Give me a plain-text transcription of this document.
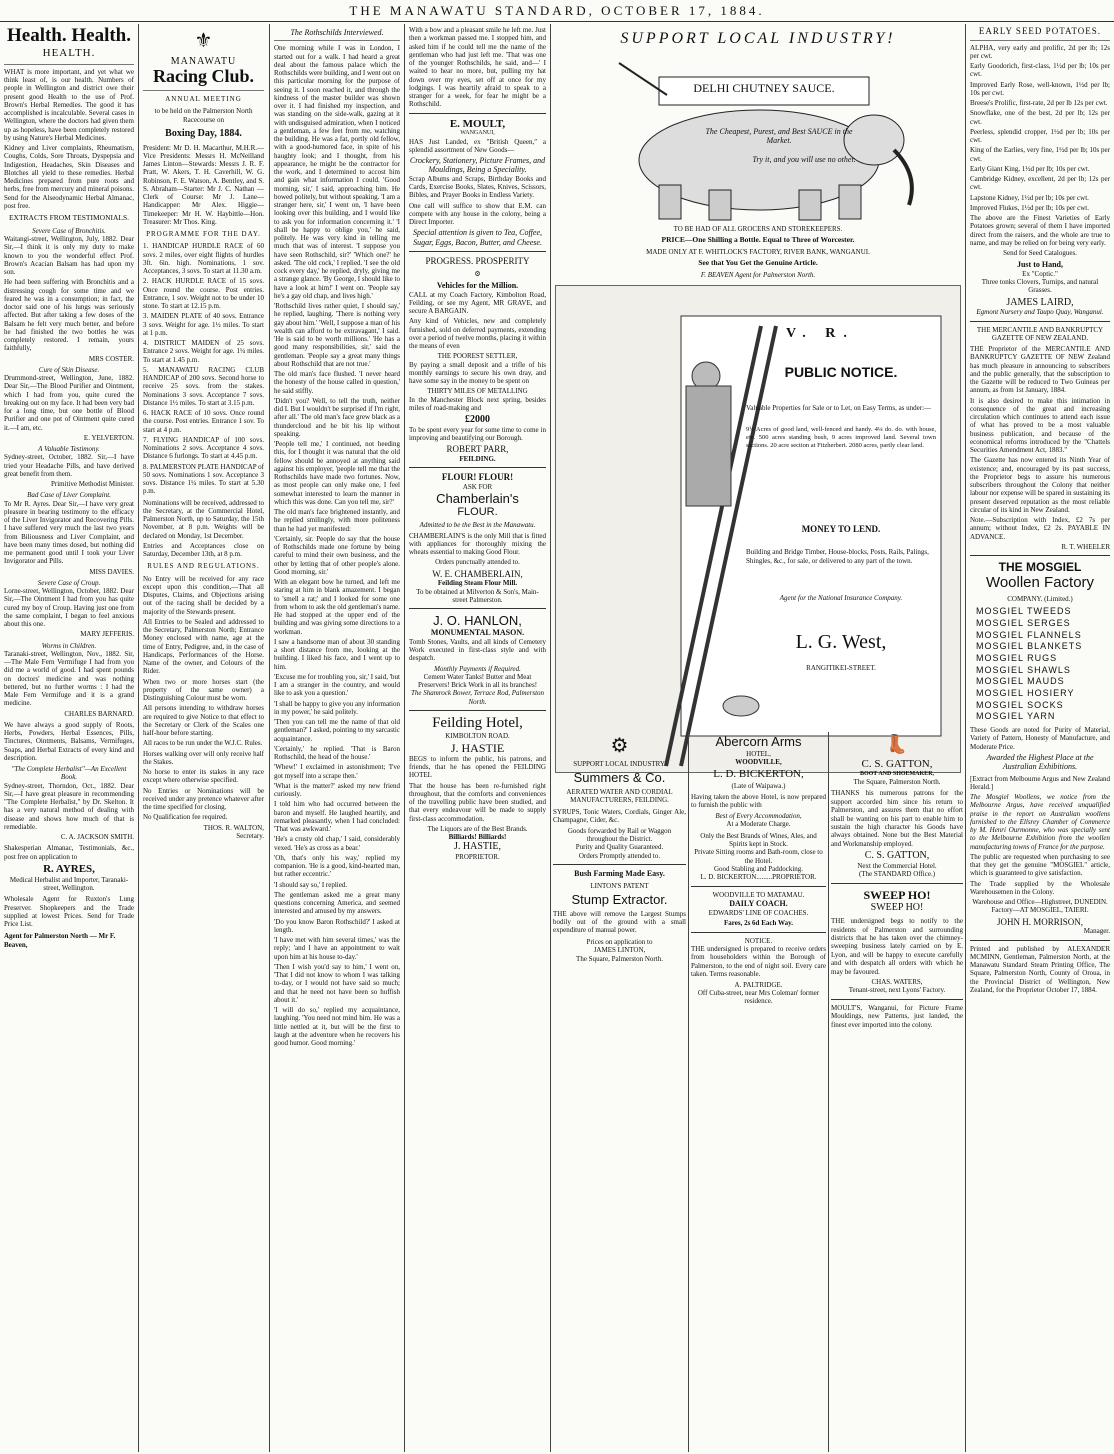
THE MANAWATU STANDARD, OCTOBER 17, 1884.
Health. Health.
HEALTH.

WHAT is more important, and yet what we think least of, is our health. Numbers of people in Wellington and district owe their present good Health to the use of Prof. Brown's Herbal Remedies. The good it has accomplished is incalculable. Several cases in Wellington, where the doctors had given them up as hopeless, have been completely restored by using Nature's Herbal Medicines.

Kidney and Liver complaints, Rheumatism, Coughs, Colds, Sore Throats, Dyspepsia and Indigestion, Headaches, Skin Diseases and Blotches all yield to these remedies. Herbal Medicines prepared from pure roots and herbs, free from mercury and mineral poisons. Send for the Alseodynamic Herbal Almanac, post free.

EXTRACTS FROM TESTIMONIALS.
Severe Case of Bronchitis.

Waitangi-street, Wellington, July, 1882. Dear Sir,—I think it is only my duty to make known to you the wonderful effect Prof. Brown's Acacian Balsam has had upon my son.

He had been suffering with Bronchitis and a distressing cough for some time and we feared he was in a consumption; in fact, the doctor said one of his lungs was seriously affected. But after taking a few doses of the Balsam he felt very much better, and before he had finished the two bottles he was completely restored. I remain, yours faithfully,

MRS COSTER.
Cure of Skin Disease.

Drummond-street, Wellington, June, 1882. Dear Sir,—The Blood Purifier and Ointment, which I had from you, quite cured the breaking out on my face. It had been very bad for a long time, but one bottle of Blood Purifier and one pot of Ointment quite cured it.—I am, etc.

E. YELVERTON.
A Valuable Testimony.

Sydney-street, October, 1882. Sir,—I have tried your Headache Pills, and have derived great benefit from them.

Primitive Methodist Minister.
Bad Case of Liver Complaint.

To Mr R. Ayres. Dear Sir,—I have very great pleasure in bearing testimony to the efficacy of the Liver Invigorator and Recovering Pills. I have suffered very much the last two years from Biliousness and Liver Complaint, and have been many times dosed, but nothing did me permanent good until I took your Liver Invigorator and Pills.

MISS DAVIES.
Severe Case of Croup.

Lorne-street, Wellington, October, 1882. Dear Sir,—The Ointment I had from you has quite cured my boy of Croup. Having just one from the same complaint, I began to feel anxious about this one.

MARY JEFFERIS.
Worms in Children.

Taranaki-street, Wellington, Nov., 1882. Sir,—The Male Fern Vermifuge I had from you did me a world of good. I had spent pounds on doctors' medicine and was nothing bettered, but no further worms : I had the Male Fern Vermifuge and it is a grand medicine.

CHARLES BARNARD.

We have always a good supply of Roots, Herbs, Powders, Herbal Essences, Pills, Tinctures, Ointments, Balsams, Vermifuges, Soaps, and Herbal Extracts of every kind and description.

"The Complete Herbalist"—An Excellent Book.

Sydney-street, Thorndon, Oct., 1882. Dear Sir,—I have great pleasure in recommending "The Complete Herbalist," by Dr. Skelton. It has a very natural method of dealing with disease and shows how much of that is remediable.

C. A. JACKSON SMITH.

Shakesperian Almanac, Testimonials, &c., post free on application to

R. AYRES,
Medical Herbalist and Importer, Taranaki-street, Wellington.

Wholesale Agent for Ruxton's Lung Preserver. Shopkeepers and the Trade supplied at lowest Prices. Send for Trade Price List.

Agent for Palmerston North — Mr F. Beaven,
⚜
MANAWATU
Racing Club.
ANNUAL MEETING
to be held on the Palmerston North Racecourse on
Boxing Day, 1884.

President: Mr D. H. Macarthur, M.H.R.—Vice Presidents: Messrs H. McNeilland James Linton—Stewards: Messrs J. R. F. Pratt, W. Akers, T. H. Caverhill, W. G. Robinson, F. E. Watson, A. Bentley, and S. S. Abraham—Starter: Mr J. C. Nathan —Clerk of Course: Mr J. Lane— Handicapper: Mr Alex. Higgie—Timekeeper: Mr H. W. Haybittle—Hon. Treasurer: Mr Thos. King.

PROGRAMME FOR THE DAY.

1. HANDICAP HURDLE RACE of 60 sovs. 2 miles, over eight flights of hurdles 3ft. 6in. high. Nominations, 1 sov. Acceptances, 3 sovs. To start at 11.30 a.m.

2. HACK HURDLE RACE of 15 sovs. Once round the course. Post entries. Entrance, 1 sov. Weight not to be under 10 stone. To start at 12.15 p.m.

3. MAIDEN PLATE of 40 sovs. Entrance 3 sovs. Weight for age. 1½ miles. To start at 1 p.m.

4. DISTRICT MAIDEN of 25 sovs. Entrance 2 sovs. Weight for age. 1¼ miles. To start at 1.45 p.m.

5. MANAWATU RACING CLUB HANDICAP of 200 sovs. Second horse to receive 25 sovs. from the stakes. Nominations 3 sovs. Acceptance 7 sovs. Distance 1½ miles. To start at 3.15 p.m.

6. HACK RACE of 10 sovs. Once round the course. Post entries. Entrance 1 sov. To start at 4 p.m.

7. FLYING HANDICAP of 100 sovs. Nominations 2 sovs. Acceptance 4 sovs. Distance 6 furlongs. To start at 4.45 p.m.

8. PALMERSTON PLATE HANDICAP of 50 sovs. Nominations 1 sov. Acceptance 3 sovs. Distance 1¼ miles. To start at 5.30 p.m.

Nominations will be received, addressed to the Secretary, at the Commercial Hotel, Palmerston North, up to Saturday, the 15th November, at 8 p.m. Weights will be declared on Monday, 1st December.

Entries and Acceptances close on Saturday, December 13th, at 8 p.m.

RULES AND REGULATIONS.

No Entry will be received for any race except upon this condition,—That all Disputes, Claims, and Objections arising out of the racing shall be decided by a majority of the Stewards present.

All Entries to be Sealed and addressed to the Secretary, Palmerston North; Entrance Money enclosed with name, age at the time of Entry, Pedigree, and, in the case of Handicaps, Performances of the Horse. Name of the owner, and Colours of the Rider.

When two or more horses start (the property of the same owner) a Distinguishing Colour must be worn.

All persons intending to withdraw horses are required to give Notice to that effect to the Secretary or Clerk of the Scales one half-hour before starting.

All races to be run under the W.J.C. Rules.

Horses walking over will only receive half the Stakes.

No horse to enter its stakes in any race except where otherwise specified.

No Entries or Nominations will be received under any pretence whatever after the time specified for closing.

No Qualification fee required.

THOS. R. WALTON,
Secretary.
The Rothschilds Interviewed.

One morning while I was in London, I started out for a walk. I had heard a great deal about the famous palace which the Rothschilds were building, and I went out on this particular morning for the purpose of seeing it. I soon reached it, and through the kindness of the master builder was shown over it. I had finished my inspection, and was standing on the side-walk, gazing at it with undisguised admiration, when I noticed a gentleman, a few feet from me, watching the building. He was a fat, portly old fellow, with a good-humored face, in spite of his haughty look; and I thought, from his appearance, he might be the contractor for the work, and I determined to accost him and gain what information I could. 'Good morning, sir,' I said, approaching him. He bowed politely, but without speaking. 'I am a stranger here, sir,' I went on, 'I have been looking over this building, and I would like to ask you for information concerning it.' 'I shall be happy to oblige you,' he said, politely. He was very kind in telling me much that was of interest. 'I suppose you have seen Rothschild, sir?' 'Which one?' he asked. 'The old cock,' I replied. 'I see the old cock every day,' he replied, dryly, giving me a strange glance. 'By George, I should like to have a look at him!' I went on. 'People say he's a gay old chap, and lives high.'

'Rothschild lives rather quiet, I should say,' he replied, laughing. 'There is nothing very gay about him.' 'Well, I suppose a man of his wealth can afford to be extravagant,' I said. 'He is said to be worth millions.' 'He has a good many responsibilities, sir,' said the gentleman. 'People say a great many things about Rothschild that are not true.'

The old man's face flushed. 'I never heard the honesty of the house called in question,' he said stiffly.

'Didn't you? Well, to tell the truth, neither did I. But I wouldn't be surprised if I'm right, after all.' The old man's face grew black as a thundercloud and he bit his lip without speaking.

'People tell me,' I continued, not heeding this, for I thought it was natural that the old fellow should be annoyed at anything said against his employer, 'people tell me that the Rothschilds have made two fortunes. Now, as most people can only make one, I feel somewhat interested to learn the manner in which this was done. Can you tell me, sir?'

The old man's face brightened instantly, and he replied smilingly, with more politeness than he had yet manifested:

'Certainly, sir. People do say that the house of Rothschilds made one fortune by being careful to mind their own business, and the other by letting that of other people's alone. Good morning, sir.'

With an elegant bow he turned, and left me staring at him in blank amazement. I began to 'smell a rat;' and I looked for some one from whom to ask the old gentleman's name. He had stopped at the upper end of the building and was giving some directions to a workman.

I saw a handsome man of about 30 standing a short distance from me, looking at the building. I liked his face, and I went up to him.

'Excuse me for troubling you, sir,' I said, 'but I am a stranger in the country, and would like to ask you a question.'

'I shall be happy to give you any information in my power,' he said politely.

'Then you can tell me the name of that old gentleman?' I asked, pointing to my sarcastic acquaintance.

'Certainly,' he replied. 'That is Baron Rothschild, the head of the house.'

'Whew!' I exclaimed in astonishment; 'I've got myself into a scrape then.'

'What is the matter?' asked my new friend curiously.

I told him who had occurred between the baron and myself. He laughed heartily, and remarked pleasantly, when I had concluded: 'That was awkward.'

'He's a crusty old chap,' I said, considerably vexed. 'He's as cross as a bear.'

'Oh, that's only his way,' replied my companion. 'He is a good, kind-hearted man, but rather eccentric.'

'I should say so,' I replied.

The gentleman asked me a great many questions concerning America, and seemed interested and amused by my answers.

'Do you know Baron Rothschild?' I asked at length.

'I have met with him several times,' was the reply; 'and I have an appointment to wait upon him at his house to-day.'

'Then I wish you'd say to him,' I went on, 'That I did not know to whom I was talking to-day, or I would not have said so much; and that he need not have been so huffish about it.'

'I will do so,' replied my acquaintance, laughing. 'You need not mind him. He was a little nettled at it, but will be the first to laugh at the adventure when he recovers his good humor. Good morning.'

With a bow and a pleasant smile he left me. Just then a workman passed me. I stopped him, and asked him if he could tell me the name of the gentleman who had just left me. 'That was one of the younger Rothschilds, he said, and—' I waited to hear no more, but, pulling my hat down over my eyes, set off at once for my lodgings. I was heartily afraid to speak to a stranger for a week, for fear he might be a Rothschild.

E. MOULT,
WANGANUI,

HAS Just Landed, ex "British Queen," a splendid assortment of New Goods—

Crockery, Stationery, Picture Frames, and Mouldings, Being a Speciality.

Scrap Albums and Scraps, Birthday Books and Cards, Exercise Books, Slates, Knives, Scissors, Bibles, and Prayer Books in Endless Variety.

One call will suffice to show that E.M. can compete with any house in the colony, being a Direct Importer.

Special attention is given to Tea, Coffee, Sugar, Eggs, Bacon, Butter, and Cheese.

PROGRESS. PROSPERITY
⚙
Vehicles for the Million.

CALL at my Coach Factory, Kimbolton Road, Feilding, or see my Agent, MR GRAVE, and secure A BARGAIN.

Any kind of Vehicles, new and completely furnished, sold on deferred payments, extending over a period of twelve months, placing it within the means of even

THE POOREST SETTLER,

By paying a small deposit and a trifle of his monthly earnings to secure his own dray, and have some say in the money to be spent on

THIRTY MILES OF METALLING

In the Manchester Block next spring, besides miles of road-making and

£2000

To be spent every year for some time to come in improving and beautifying our Borough.

ROBERT PARR,
FEILDING.
FLOUR! FLOUR!
ASK FOR
Chamberlain's
FLOUR.
Admitted to be the Best in the Manawatu.

CHAMBERLAIN'S is the only Mill that is fitted with appliances for thoroughly mixing the wheats essential to making Good Flour.

Orders punctually attended to.
W. E. CHAMBERLAIN,
Feilding Steam Flour Mill.
To be obtained at Milverton & Son's, Main-street Palmerston.
J. O. HANLON,
MONUMENTAL MASON.

Tomb Stones, Vaults, and all kinds of Cemetery Work executed in first-class style and with despatch.

Monthly Payments if Required.

Cement Water Tanks! Butter and Meat Preservers! Brick Work in all its branches!

The Shamrock Bower, Terrace Rod, Palmerston North.
Feilding Hotel,
KIMBOLTON ROAD.
J. HASTIE

BEGS to inform the public, his patrons, and friends, that he has opened the FEILDING HOTEL

That the house has been re-furnished right throughout, that the comforts and conveniences of the travelling public have been studied, and that every endeavour will be made to supply first-class accommodation.

The Liquors are of the Best Brands.
Billiards! Billiards!
J. HASTIE,
PROPRIETOR.
SUPPORT LOCAL INDUSTRY!
DELHI CHUTNEY SAUCE.
The Cheapest, Purest, and Best SAUCE in the Market.
Try it, and you will use no other.
TO BE HAD OF ALL GROCERS AND STOREKEEPERS.
PRICE—One Shilling a Bottle. Equal to Three of Worcester.
MADE ONLY AT F. WHITLOCK'S FACTORY, RIVER BANK, WANGANUI.
See that You Get the Genuine Article.
F. BEAVEN Agent for Palmerston North.
V. R.
PUBLIC NOTICE.
Valuable Properties for Sale or to Let, on Easy Terms, as under:—
9½ Acres of good land, well-fenced and handy. 4¼ do. do. with house, etc. 500 acres standing bush, 9 acres improved land. Several town sections. 20 acre section at Fitzherbert. 2080 acres, partly clear land.
MONEY TO LEND.
Building and Bridge Timber, House-blocks, Posts, Rails, Palings, Shingles, &c., for sale, or delivered to any part of the town.
Agent for the National Insurance Company.
L. G. West,
RANGITIKEI-STREET.
⚙
SUPPORT LOCAL INDUSTRY.
Summers & Co.
AERATED WATER AND CORDIAL MANUFACTURERS, FEILDING.

SYRUPS, Tonic Waters, Cordials, Ginger Ale, Champagne, Cider, &c.

Goods forwarded by Rail or Waggon throughout the District.

Purity and Quality Guaranteed.

Orders Promptly attended to.

Bush Farming Made Easy.
LINTON'S PATENT
Stump Extractor.

THE above will remove the Largest Stumps bodily out of the ground with a small expenditure of manual power.

Prices on application to

JAMES LINTON,
The Square, Palmerston North.
Abercorn Arms
HOTEL,
WOODVILLE,
L. D. BICKERTON,
(Late of Waipawa.)

Having taken the above Hotel, is now prepared to furnish the public with

Best of Every Accommodation,
At a Moderate Charge.

Only the Best Brands of Wines, Ales, and Spirits kept in Stock.

Private Sitting rooms and Bath-room, close to the Hotel.

Good Stabling and Paddocking.

L. D. BICKERTON.........PROPRIETOR.
WOODVILLE TO MATAMAU.
DAILY COACH.
EDWARDS' LINE OF COACHES.
Fares, 2s 6d Each Way.
NOTICE.

THE undersigned is prepared to receive orders from householders within the Borough of Palmerston, to the end of night soil. Every care taken. Terms reasonable.

A. PALTRIDGE.
Off Cuba-street, near Mrs Coleman' former residence.
👢
C. S. GATTON,
BOOT AND SHOEMAKER,
The Square, Palmerston North.

THANKS his numerous patrons for the support accorded him since his return to Palmerston, and assures them that no effort shall be wanting on his part to enable him to sustain the high character his Goods have always obtained. None but the Best Material and Workmanship employed.

C. S. GATTON,
Next the Commercial Hotel.
(The STANDARD Office.)
SWEEP HO!
SWEEP HO!

THE undersigned begs to notify to the residents of Palmerston and surrounding districts that he has taken over the chimney-sweeping business lately carried on by E. Lyon, and will be happy to execute carefully and with despatch all orders with which he may be favoured.

CHAS. WATERS,
Tenant-street, next Lyons' Factory.

MOULT'S, Wanganui, for Picture Frame Mouldings, new Patterns, just landed, the finest ever imported into the colony.

EARLY SEED POTATOES.

ALPHA, very early and prolific, 2d per lb; 12s per cwt.

Early Goodorich, first-class, 1½d per lb; 10s per cwt.

Improved Early Rose, well-known, 1½d per lb; 10s per cwt.

Breese's Prolific, first-rate, 2d per lb 12s per cwt.

Snowflake, one of the best, 2d per lb; 12s per cwt.

Peerless, splendid cropper, 1½d per lb; 10s per cwt.

King of the Earlies, very fine, 1½d per lb; 10s per cwt.

Early Giant King, 1½d per lb; 10s per cwt.

Cambridge Kidney, excellent, 2d per lb; 12s per cwt.

Lapstone Kidney, 1½d per lb; 10s per cwt.

Improved Flukes, 1½d per lb; 10s per cwt.

The above are the Finest Varieties of Early Potatoes grown; several of them I have imported direct from the raisers, and the whole are true to name, and may be relied on for being very early.

Send for Seed Catalogues.
Just to Hand,
Ex "Coptic."
Three tonks Clovers, Turnips, and natural Grasses.
JAMES LAIRD,
Egmont Nursery and Taupo Quay, Wanganui.
THE MERCANTILE AND BANKRUPTCY GAZETTE OF NEW ZEALAND.

THE Proprietor of the MERCANTILE AND BANKRUPTCY GAZETTE OF NEW Zealand has much pleasure in announcing to subscribers and the public generally, that the subscription to the Gazette will be reduced to Two Guineas per annum, as from 1st January, 1884.

It is also desired to make this intimation in consequence of the great and increasing circulation which continues to attend each issue of what has proved to be a most valuable business publication, and because of the economical reforms introduced by the "Chattels Securities Amendment Act, 1883."

The Gazette has now entered its Ninth Year of existence; and, encouraged by its past success, the Proprietor begs to assure his numerous subscribers throughout the Colony that neither labour nor expense will be spared in sustaining its present deserved reputation as the most reliable circular of its kind in New Zealand.

Note.—Subscription with Index, £2 7s per annum; without Index, £2 2s. PAYABLE IN ADVANCE.

R. T. WHEELER
THE MOSGIEL
Woollen Factory
COMPANY. (Limited.)
MOSGIEL TWEEDS
MOSGIEL SERGES
MOSGIEL FLANNELS
MOSGIEL BLANKETS
MOSGIEL RUGS
MOSGIEL SHAWLS
MOSGIEL MAUDS
MOSGIEL HOSIERY
MOSGIEL SOCKS
MOSGIEL YARN

These Goods are noted for Purity of Material, Variety of Pattern, Honesty of Manufacture, and Moderate Price.

Awarded the Highest Place at the Australian Exhibitions.

[Extract from Melbourne Argus and New Zealand Herald.]

The Mosgiel Woollens, we notice from the Melbourne Argus, have received unqualified praise in the report on Australian woollens furnished to the Ellsrey Chamber of Commerce by M. Henri Ourmonne, who was specially sent to the Melbourne Exhibition from the woollen manufacturing towns of France for the purpose.

The public are requested when purchasing to see that they get the genuine "MOSGIEL" article, which is guaranteed to give satisfaction.

The Trade supplied by the Wholesale Warehousemen in the Colony.

Warehouse and Office—Highstreet, DUNEDIN.
Factory—AT MOSGIEL, TAIERI.
JOHN H. MORRISON,
Manager.

Printed and published by ALEXANDER MCMINN, Gentleman, Palmerston North, at the Manawatu Standard Steam Printing Office, The Square, Palmerston North, County of Oroua, in the Provincial District of Wellington, New Zealand, for the Proprietor October 17, 1884.
